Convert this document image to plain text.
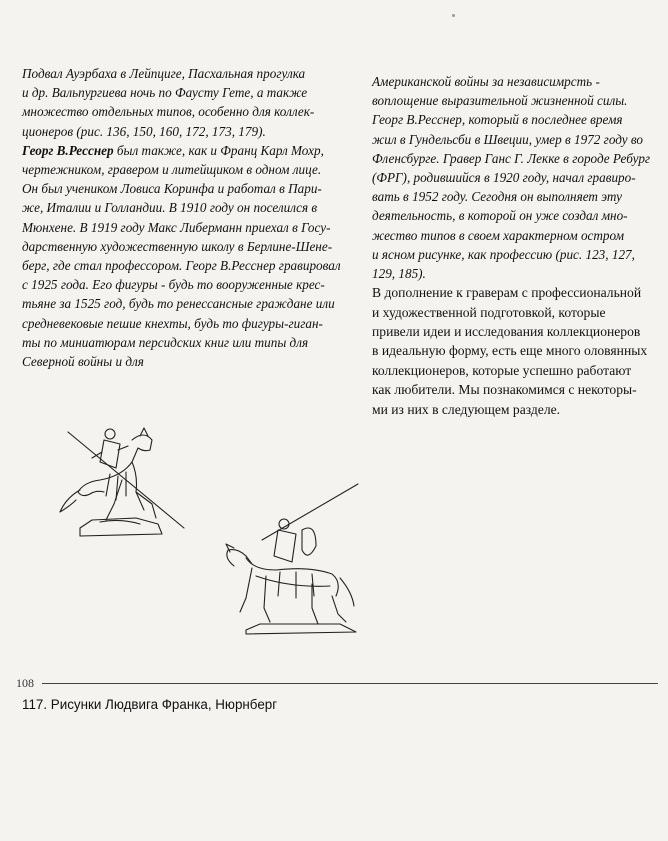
Подвал Ауэрбаха в Лейпциге, Пасхальная прогулка
и др. Вальпургиева ночь по Фаусту Гете, а также
множество отдельных типов, особенно для коллек-
ционеров (рис. 136, 150, 160, 172, 173, 179).

Георг В.Реcснер был также, как и Франц Карл Мохр,
чертежником, гравером и литейщиком в одном лице.
Он был учеником Ловиса Коринфа и работал в Пари-
же, Италии и Голландии. В 1910 году он поселился в
Мюнхене. В 1919 году Макс Либерманн приехал в Госу-
дарственную художественную школу в Берлине-Шене-
берг, где стал профессором. Георг В.Реcснер гравировал
с 1925 года. Его фигуры - будь то вооруженные крес-
тьяне за 1525 год, будь то ренессансные граждане или
средневековые пешие кнехты, будь то фигуры-гиган-
ты по миниатюрам персидских книг или типы для
Северной войны и для

Американской войны за независимрсть -
воплощение выразительной жизненной силы.
Георг В.Реcснер, который в последнее время
жил в Гундельсби в Швеции, умер в 1972 году во
Фленсбурге. Гравер Ганс Г. Лекке в городе Ребург
(ФРГ), родившийся в 1920 году, начал гравиро-
вать в 1952 году. Сегодня он выполняет эту
деятельность, в которой он уже создал мно-
жество типов в своем характерном остром
и ясном рисунке, как профессию (рис. 123, 127,
129, 185).

В дополнение к граверам с профессиональной
и художественной подготовкой, которые
привели идеи и исследования коллекционеров
в идеальную форму, есть еще много оловянных
коллекционеров, которые успешно работают
как любители. Мы познакомимся с некоторы-
ми из них в следующем разделе.

108
117. Рисунки Людвига Франка, Нюрнберг
